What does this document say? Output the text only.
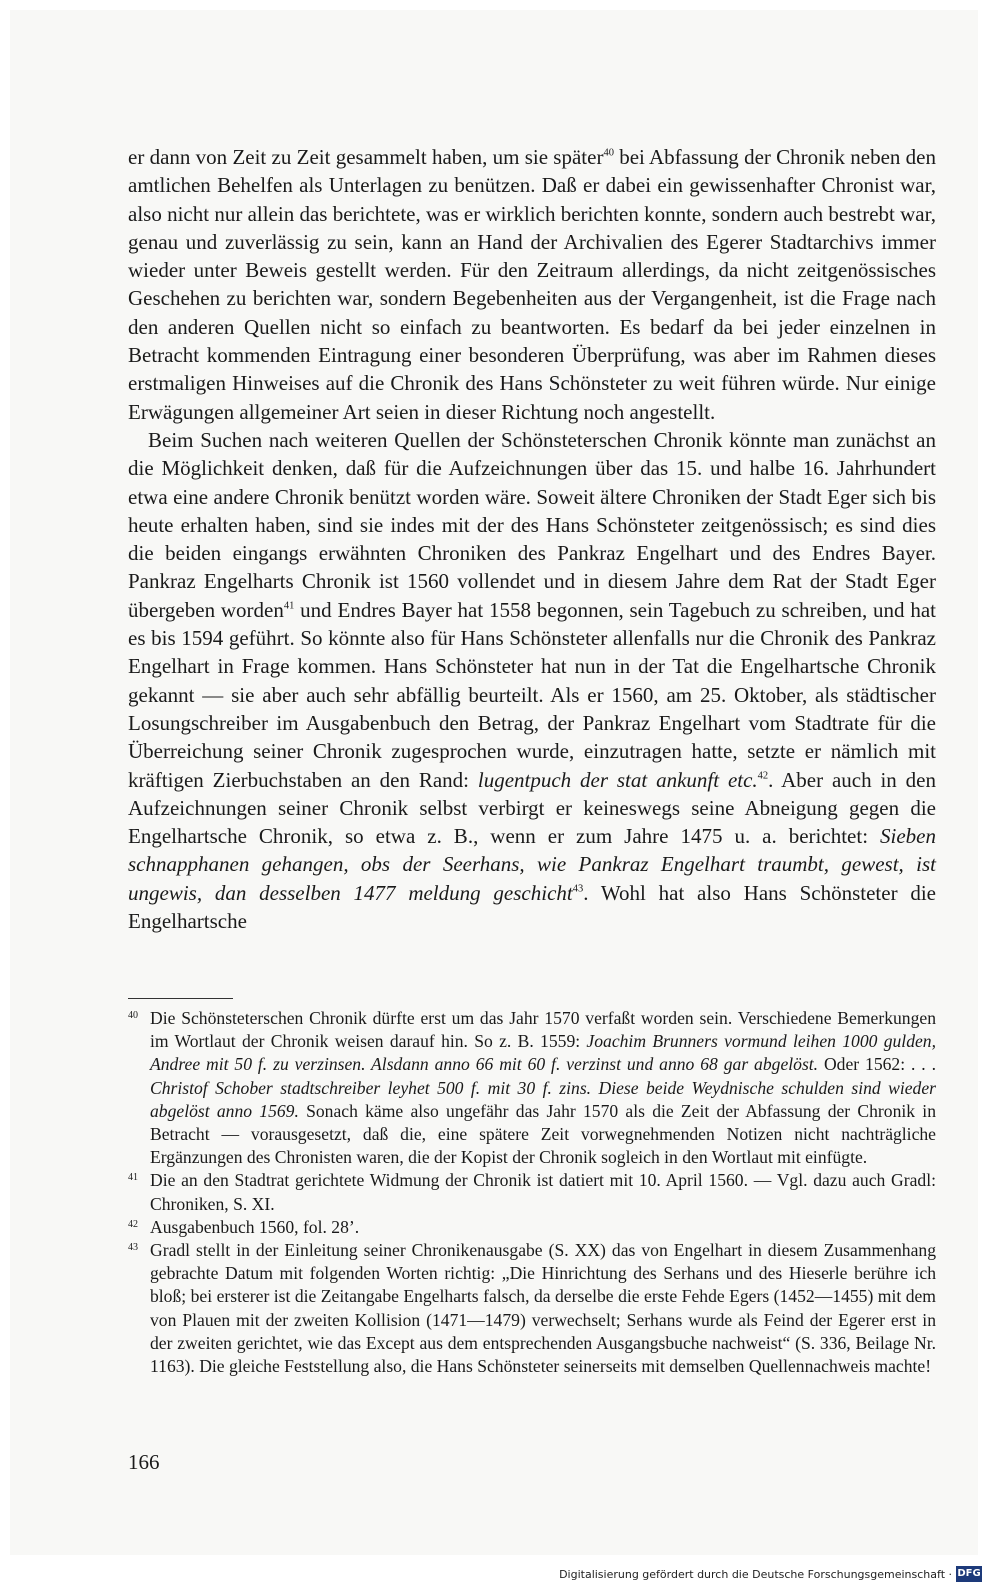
er dann von Zeit zu Zeit gesammelt haben, um sie später$^{40}$ bei Abfassung der Chronik neben den amtlichen Behelfen als Unterlagen zu benützen. Daß er dabei ein gewissenhafter Chronist war, also nicht nur allein das berichtete, was er wirklich berichten konnte, sondern auch bestrebt war, genau und zuverlässig zu sein, kann an Hand der Archivalien des Egerer Stadtarchivs immer wieder unter Beweis gestellt werden. Für den Zeitraum allerdings, da nicht zeitgenössisches Geschehen zu berichten war, sondern Begebenheiten aus der Vergangenheit, ist die Frage nach den anderen Quellen nicht so einfach zu beantworten. Es bedarf da bei jeder einzelnen in Betracht kommenden Eintragung einer besonderen Überprüfung, was aber im Rahmen dieses erstmaligen Hinweises auf die Chronik des Hans Schönsteter zu weit führen würde. Nur einige Erwägungen allgemeiner Art seien in dieser Richtung noch angestellt.

Beim Suchen nach weiteren Quellen der Schönsteterschen Chronik könnte man zunächst an die Möglichkeit denken, daß für die Aufzeichnungen über das 15. und halbe 16. Jahrhundert etwa eine andere Chronik benützt worden wäre. Soweit ältere Chroniken der Stadt Eger sich bis heute erhalten haben, sind sie indes mit der des Hans Schönsteter zeitgenössisch; es sind dies die beiden eingangs erwähnten Chroniken des Pankraz Engelhart und des Endres Bayer. Pankraz Engelharts Chronik ist 1560 vollendet und in diesem Jahre dem Rat der Stadt Eger übergeben worden$^{41}$ und Endres Bayer hat 1558 begonnen, sein Tagebuch zu schreiben, und hat es bis 1594 geführt. So könnte also für Hans Schönsteter allenfalls nur die Chronik des Pankraz Engelhart in Frage kommen. Hans Schönsteter hat nun in der Tat die Engelhartsche Chronik gekannt — sie aber auch sehr abfällig beurteilt. Als er 1560, am 25. Oktober, als städtischer Losungschreiber im Ausgabenbuch den Betrag, der Pankraz Engelhart vom Stadtrate für die Überreichung seiner Chronik zugesprochen wurde, einzutragen hatte, setzte er nämlich mit kräftigen Zierbuchstaben an den Rand: lugentpuch der stat ankunft etc.$^{42}$. Aber auch in den Aufzeichnungen seiner Chronik selbst verbirgt er keineswegs seine Abneigung gegen die Engelhartsche Chronik, so etwa z. B., wenn er zum Jahre 1475 u. a. berichtet: Sieben schnapphanen gehangen, obs der Seerhans, wie Pankraz Engelhart traumbt, gewest, ist ungewis, dan desselben 1477 meldung geschicht$^{43}$. Wohl hat also Hans Schönsteter die Engelhartsche

40 Die Schönsteterschen Chronik dürfte erst um das Jahr 1570 verfaßt worden sein. Verschiedene Bemerkungen im Wortlaut der Chronik weisen darauf hin. So z. B. 1559: Joachim Brunners vormund leihen 1000 gulden, Andree mit 50 f. zu verzinsen. Alsdann anno 66 mit 60 f. verzinst und anno 68 gar abgelöst. Oder 1562: . . . Christof Schober stadtschreiber leyhet 500 f. mit 30 f. zins. Diese beide Weydnische schulden sind wieder abgelöst anno 1569. Sonach käme also ungefähr das Jahr 1570 als die Zeit der Abfassung der Chronik in Betracht — vorausgesetzt, daß die, eine spätere Zeit vorwegnehmenden Notizen nicht nachträgliche Ergänzungen des Chronisten waren, die der Kopist der Chronik sogleich in den Wortlaut mit einfügte.
41 Die an den Stadtrat gerichtete Widmung der Chronik ist datiert mit 10. April 1560. — Vgl. dazu auch Gradl: Chroniken, S. XI.
42 Ausgabenbuch 1560, fol. 28’.
43 Gradl stellt in der Einleitung seiner Chronikenausgabe (S. XX) das von Engelhart in diesem Zusammenhang gebrachte Datum mit folgenden Worten richtig: „Die Hinrichtung des Serhans und des Hieserle berühre ich bloß; bei ersterer ist die Zeitangabe Engelharts falsch, da derselbe die erste Fehde Egers (1452—1455) mit dem von Plauen mit der zweiten Kollision (1471—1479) verwechselt; Serhans wurde als Feind der Egerer erst in der zweiten gerichtet, wie das Except aus dem entsprechenden Ausgangsbuche nachweist“ (S. 336, Beilage Nr. 1163). Die gleiche Feststellung also, die Hans Schönsteter seinerseits mit demselben Quellennachweis machte!
166
Digitalisierung gefördert durch die Deutsche Forschungsgemeinschaft · DFG
